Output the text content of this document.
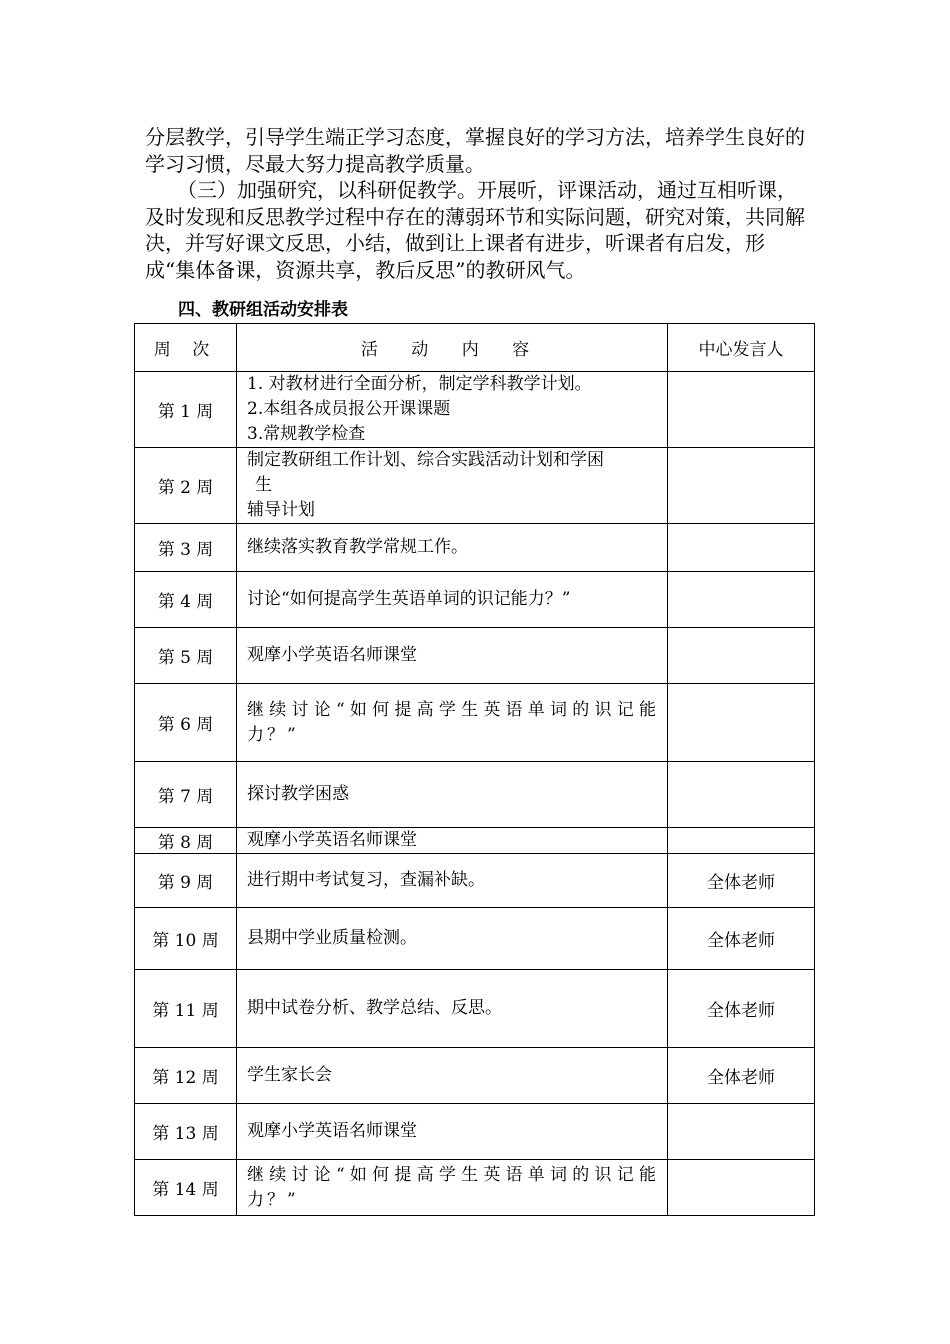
分层教学，引导学生端正学习态度，掌握良好的学习方法，培养学生良好的学习习惯，尽最大努力提高教学质量。

（三）加强研究，以科研促教学。开展听，评课活动，通过互相听课，及时发现和反思教学过程中存在的薄弱环节和实际问题，研究对策，共同解决，并写好课文反思，小结，做到让上课者有进步，听课者有启发，形成“集体备课，资源共享，教后反思”的教研风气。

四、教研组活动安排表
周 次	活 动 内 容	中心发言人
第 1 周	1. 对教材进行全面分析，制定学科教学计划。
2.本组各成员报公开课课题
3.常规教学检查	

第 2 周	制定教研组工作计划、综合实践活动计划和学困
生
辅导计划	

第 3 周	继续落实教育教学常规工作。	

第 4 周	讨论“如何提高学生英语单词的识记能力？”	

第 5 周	观摩小学英语名师课堂	

第 6 周	继续讨论“如何提高学生英语单词的识记能力？”	

第 7 周	探讨教学困惑	

第 8 周	观摩小学英语名师课堂	

第 9 周	进行期中考试复习，查漏补缺。	全体老师
第 10 周	县期中学业质量检测。	全体老师
第 11 周	期中试卷分析、教学总结、反思。	全体老师
第 12 周	学生家长会	全体老师
第 13 周	观摩小学英语名师课堂	

第 14 周	继续讨论“如何提高学生英语单词的识记能力？”	
